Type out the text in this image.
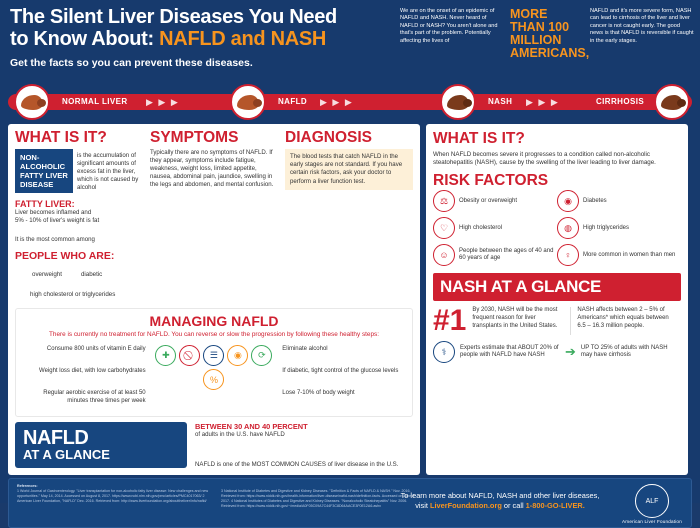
The Silent Liver Diseases You Need
to Know About: NAFLD and NASH
Get the facts so you can prevent these diseases.
We are on the onset of an epidemic of NAFLD and NASH. Never heard of NAFLD or NASH? You aren't alone and that's part of the problem. Potentially affecting the lives of
MORE THAN 100 MILLION AMERICANS,
NAFLD and it's more severe form, NASH can lead to cirrhosis of the liver and liver cancer is not caught early. The good news is that NAFLD is reversible if caught in the early stages.
NORMAL LIVER ▶ ▶ ▶	NAFLD ▶ ▶ ▶	NASH ▶ ▶ ▶	CIRRHOSIS
WHAT IS IT?
NON-ALCOHOLIC FATTY LIVER DISEASE
is the accumulation of significant amounts of excess fat in the liver, which is not caused by alcohol
FATTY LIVER:
Liver becomes inflamed and 5% - 10% of liver's weight is fat
It is the most common among
PEOPLE WHO ARE:
overweight	diabetic
high cholesterol or triglycerides
SYMPTOMS
Typically there are no symptoms of NAFLD. If they appear, symptoms include fatigue, weakness, weight loss, limited appetite, nausea, abdominal pain, jaundice, swelling in the legs and abdomen, and mental confusion.
DIAGNOSIS
The blood tests that catch NAFLD in the early stages are not standard. If you have certain risk factors, ask your doctor to perform a liver function test.
MANAGING NAFLD
There is currently no treatment for NAFLD. You can reverse or slow the progression by following these healthy steps:
Consume 800 units of vitamin E daily
Weight loss diet, with low carbohydrates
Regular aerobic exercise of at least 50 minutes three times per week
✚	☰	◉	⟳
%
Eliminate alcohol
If diabetic, tight control of the glucose levels
Lose 7-10% of body weight
NAFLD
AT A GLANCE
BETWEEN 30 AND 40 PERCENT
of adults in the U.S. have NAFLD
NAFLD is one of the MOST COMMON CAUSES of liver disease in the U.S.
WHAT IS IT?
When NAFLD becomes severe it progresses to a condition called non-alcoholic steatohepatitis (NASH), cause by the swelling of the liver leading to liver damage.
RISK FACTORS
⚖	Obesity or overweight	◉	Diabetes
♡	High cholesterol	◍	High triglycerides
☺	People between the ages of 40 and 60 years of age	♀	More common in women than men
NASH AT A GLANCE
#1 By 2030, NASH will be the most frequent reason for liver transplants in the United States.
NASH affects between 2 – 5% of Americans* which equals between 6.5 – 16.3 million people.
⚕	Experts estimate that ABOUT 20% of people with NAFLD have NASH	➔ UP TO 25% of adults with NASH may have cirrhosis
References:
1 World Journal of Gastroenterology. "Liver transplantation for non-alcoholic fatty liver disease: New challenges and new opportunities." May 14, 2014. Accessed on August 8, 2017. https://www.ncbi.nlm.nih.gov/pmc/articles/PMC4017063/ 2 American Liver Foundation, "NAFLD" Dec. 2016. Retrieved from: http://www.liverfoundation.org/abouttheliver/info/nafld/
3 National Institute of Diabetes and Digestive and Kidney Diseases. "Definition & Facts of NAFLD & NASH." Nov. 2016. Retrieved from: https://www.niddk.nih.gov/health-information/liver-disease/nafld-nash/definition-facts. Accessed on June 8, 2017. 4 National Institutes of Diabetes and Digestive and Kidney Diseases. "Nonalcoholic Steatohepatitis" Nov. 2006. Retrieved from: https://www.niddk.nih.gov/~/media/A0F05C09A7C44F3C8D64AACE3F0E12A6.ashx
To learn more about NAFLD, NASH and other liver diseases,
visit LiverFoundation.org or call 1-800-GO-LIVER.	ALF
American Liver Foundation
